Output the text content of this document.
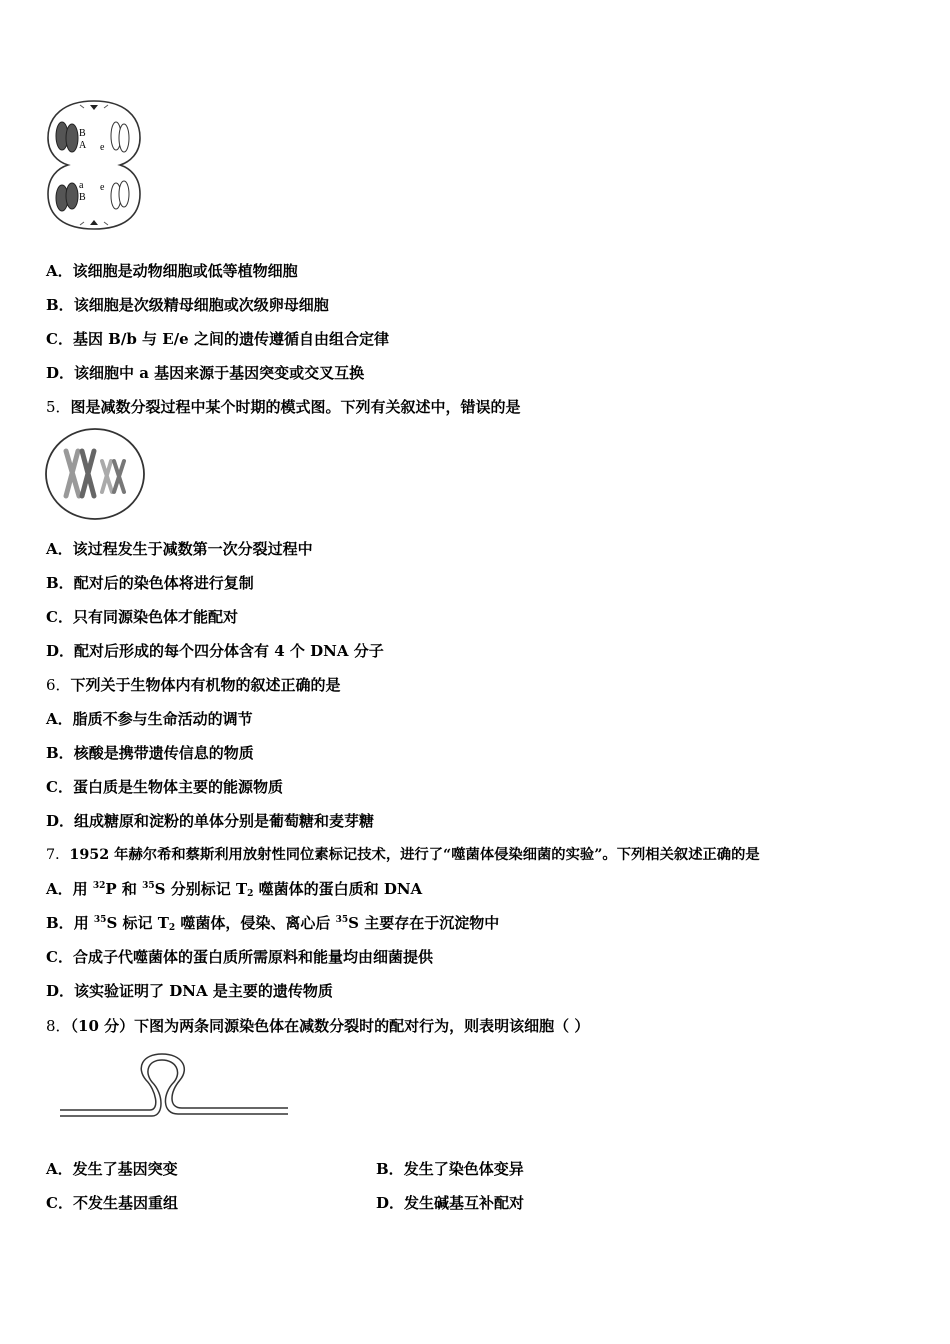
B
A e
a
B
e
A．该细胞是动物细胞或低等植物细胞
B．该细胞是次级精母细胞或次级卵母细胞
C．基因 B/b 与 E/e 之间的遗传遵循自由组合定律
D．该细胞中 a 基因来源于基因突变或交叉互换
5．图是减数分裂过程中某个时期的模式图。下列有关叙述中，错误的是
A．该过程发生于减数第一次分裂过程中
B．配对后的染色体将进行复制
C．只有同源染色体才能配对
D．配对后形成的每个四分体含有 4 个 DNA 分子
6．下列关于生物体内有机物的叙述正确的是
A．脂质不参与生命活动的调节
B．核酸是携带遗传信息的物质
C．蛋白质是生物体主要的能源物质
D．组成糖原和淀粉的单体分别是葡萄糖和麦芽糖
7．1952 年赫尔希和蔡斯利用放射性同位素标记技术，进行了“噬菌体侵染细菌的实验”。下列相关叙述正确的是
A．用 $^{32}$P 和 $^{35}$S 分别标记 $T_2$ 噬菌体的蛋白质和 DNA
B．用 $^{35}$S 标记 $T_2$ 噬菌体，侵染、离心后 $^{35}$S 主要存在于沉淀物中
C．合成子代噬菌体的蛋白质所需原料和能量均由细菌提供
D．该实验证明了 DNA 是主要的遗传物质
8．（10 分）下图为两条同源染色体在减数分裂时的配对行为，则表明该细胞（ ）
A．发生了基因突变	B．发生了染色体变异
C．不发生基因重组	D．发生碱基互补配对
